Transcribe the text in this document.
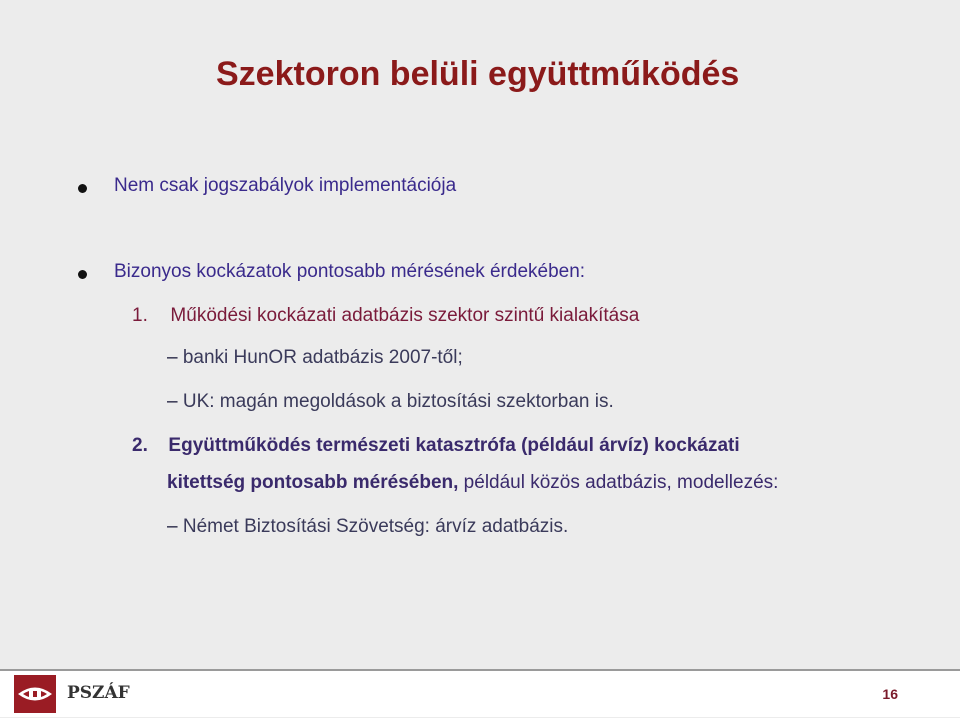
Szektoron belüli együttműködés
Nem csak jogszabályok implementációja
Bizonyos kockázatok pontosabb mérésének érdekében:
1. Működési kockázati adatbázis szektor szintű kialakítása
– banki HunOR adatbázis 2007-től;
– UK: magán megoldások a biztosítási szektorban is.
2. Együttműködés természeti katasztrófa (például árvíz) kockázati
kitettség pontosabb mérésében, például közös adatbázis, modellezés:
– Német Biztosítási Szövetség: árvíz adatbázis.
PSZÁF	16
